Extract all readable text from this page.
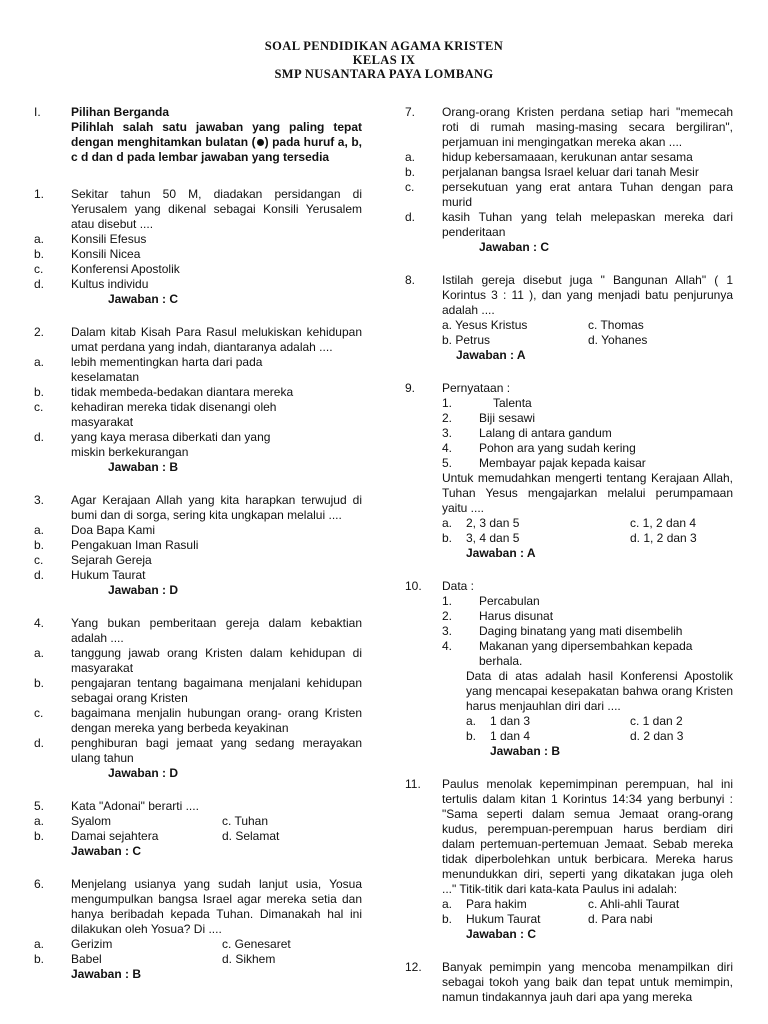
SOAL PENDIDIKAN AGAMA KRISTEN
KELAS IX
SMP NUSANTARA PAYA LOMBANG
I.	Pilihan Berganda
Pilihlah salah satu jawaban yang paling tepat dengan menghitamkan bulatan ( ) pada huruf a, b, c d dan d pada lembar jawaban yang tersedia
1. Sekitar tahun 50 M, diadakan persidangan di Yerusalem yang dikenal sebagai Konsili Yerusalem atau disebut ....
a. Konsili Efesus
b. Konsili Nicea
c. Konferensi Apostolik
d. Kultus individu
Jawaban : C
2. Dalam kitab Kisah Para Rasul melukiskan kehidupan umat perdana yang indah, diantaranya adalah ....
a. lebih mementingkan harta dari pada keselamatan
b. tidak membeda-bedakan diantara mereka
c. kehadiran mereka tidak disenangi oleh masyarakat
d. yang kaya merasa diberkati dan yang miskin berkekurangan
Jawaban : B
3. Agar Kerajaan Allah yang kita harapkan terwujud di bumi dan di sorga, sering kita ungkapan melalui ....
a. Doa Bapa Kami
b. Pengakuan Iman Rasuli
c. Sejarah Gereja
d. Hukum Taurat
Jawaban : D
4. Yang bukan pemberitaan gereja dalam kebaktian adalah ....
a. tanggung jawab orang Kristen dalam kehidupan di masyarakat
b. pengajaran tentang bagaimana menjalani kehidupan sebagai orang Kristen
c. bagaimana menjalin hubungan orang- orang Kristen dengan mereka yang berbeda keyakinan
d. penghiburan bagi jemaat yang sedang merayakan ulang tahun
Jawaban : D
5. Kata "Adonai" berarti ....
a. Syalom	c. Tuhan
b. Damai sejahtera	d. Selamat
Jawaban : C
6. Menjelang usianya yang sudah lanjut usia, Yosua mengumpulkan bangsa Israel agar mereka setia dan hanya beribadah kepada Tuhan. Dimanakah hal ini dilakukan oleh Yosua? Di ....
a. Gerizim	c. Genesaret
b. Babel	d. Sikhem
Jawaban : B
7. Orang-orang Kristen perdana setiap hari "memecah roti di rumah masing-masing secara bergiliran", perjamuan ini mengingatkan mereka akan ....
a. hidup kebersamaaan, kerukunan antar sesama
b. perjalanan bangsa Israel keluar dari tanah Mesir
c. persekutuan yang erat antara Tuhan dengan para murid
d. kasih Tuhan yang telah melepaskan mereka dari penderitaan
Jawaban : C
8. Istilah gereja disebut juga " Bangunan Allah" ( 1 Korintus 3 : 11 ), dan yang menjadi batu penjurunya adalah ....
a. Yesus Kristus	c. Thomas
b. Petrus	d. Yohanes
Jawaban : A
9. Pernyataan :
1.	Talenta
2. Biji sesawi
3. Lalang di antara gandum
4. Pohon ara yang sudah kering
5. Membayar pajak kepada kaisar
Untuk memudahkan mengerti tentang Kerajaan Allah, Tuhan Yesus mengajarkan melalui perumpamaan yaitu ....
a.	2, 3 dan 5	c. 1, 2 dan 4
b.	3, 4 dan 5	d. 1, 2 dan 3
Jawaban : A
10. Data :
1. Percabulan
2. Harus disunat
3. Daging binatang yang mati disembelih
4. Makanan yang dipersembahkan kepada berhala.
Data di atas adalah hasil Konferensi Apostolik yang mencapai kesepakatan bahwa orang Kristen harus menjauhlan diri dari ....
a.	1 dan 3	c. 1 dan 2
b.	1 dan 4	d. 2 dan 3
Jawaban : B
11. Paulus menolak kepemimpinan perempuan, hal ini tertulis dalam kitan 1 Korintus 14:34 yang berbunyi : "Sama seperti dalam semua Jemaat orang-orang kudus, perempuan-perempuan harus berdiam diri dalam pertemuan-pertemuan Jemaat. Sebab mereka tidak diperbolehkan untuk berbicara. Mereka harus menundukkan diri, seperti yang dikatakan juga oleh ..." Titik-titik dari kata-kata Paulus ini adalah:
a.	Para hakim	c. Ahli-ahli Taurat
b.	Hukum Taurat	d. Para nabi
Jawaban : C
12. Banyak pemimpin yang mencoba menampilkan diri sebagai tokoh yang baik dan tepat untuk memimpin, namun tindakannya jauh dari apa yang mereka
